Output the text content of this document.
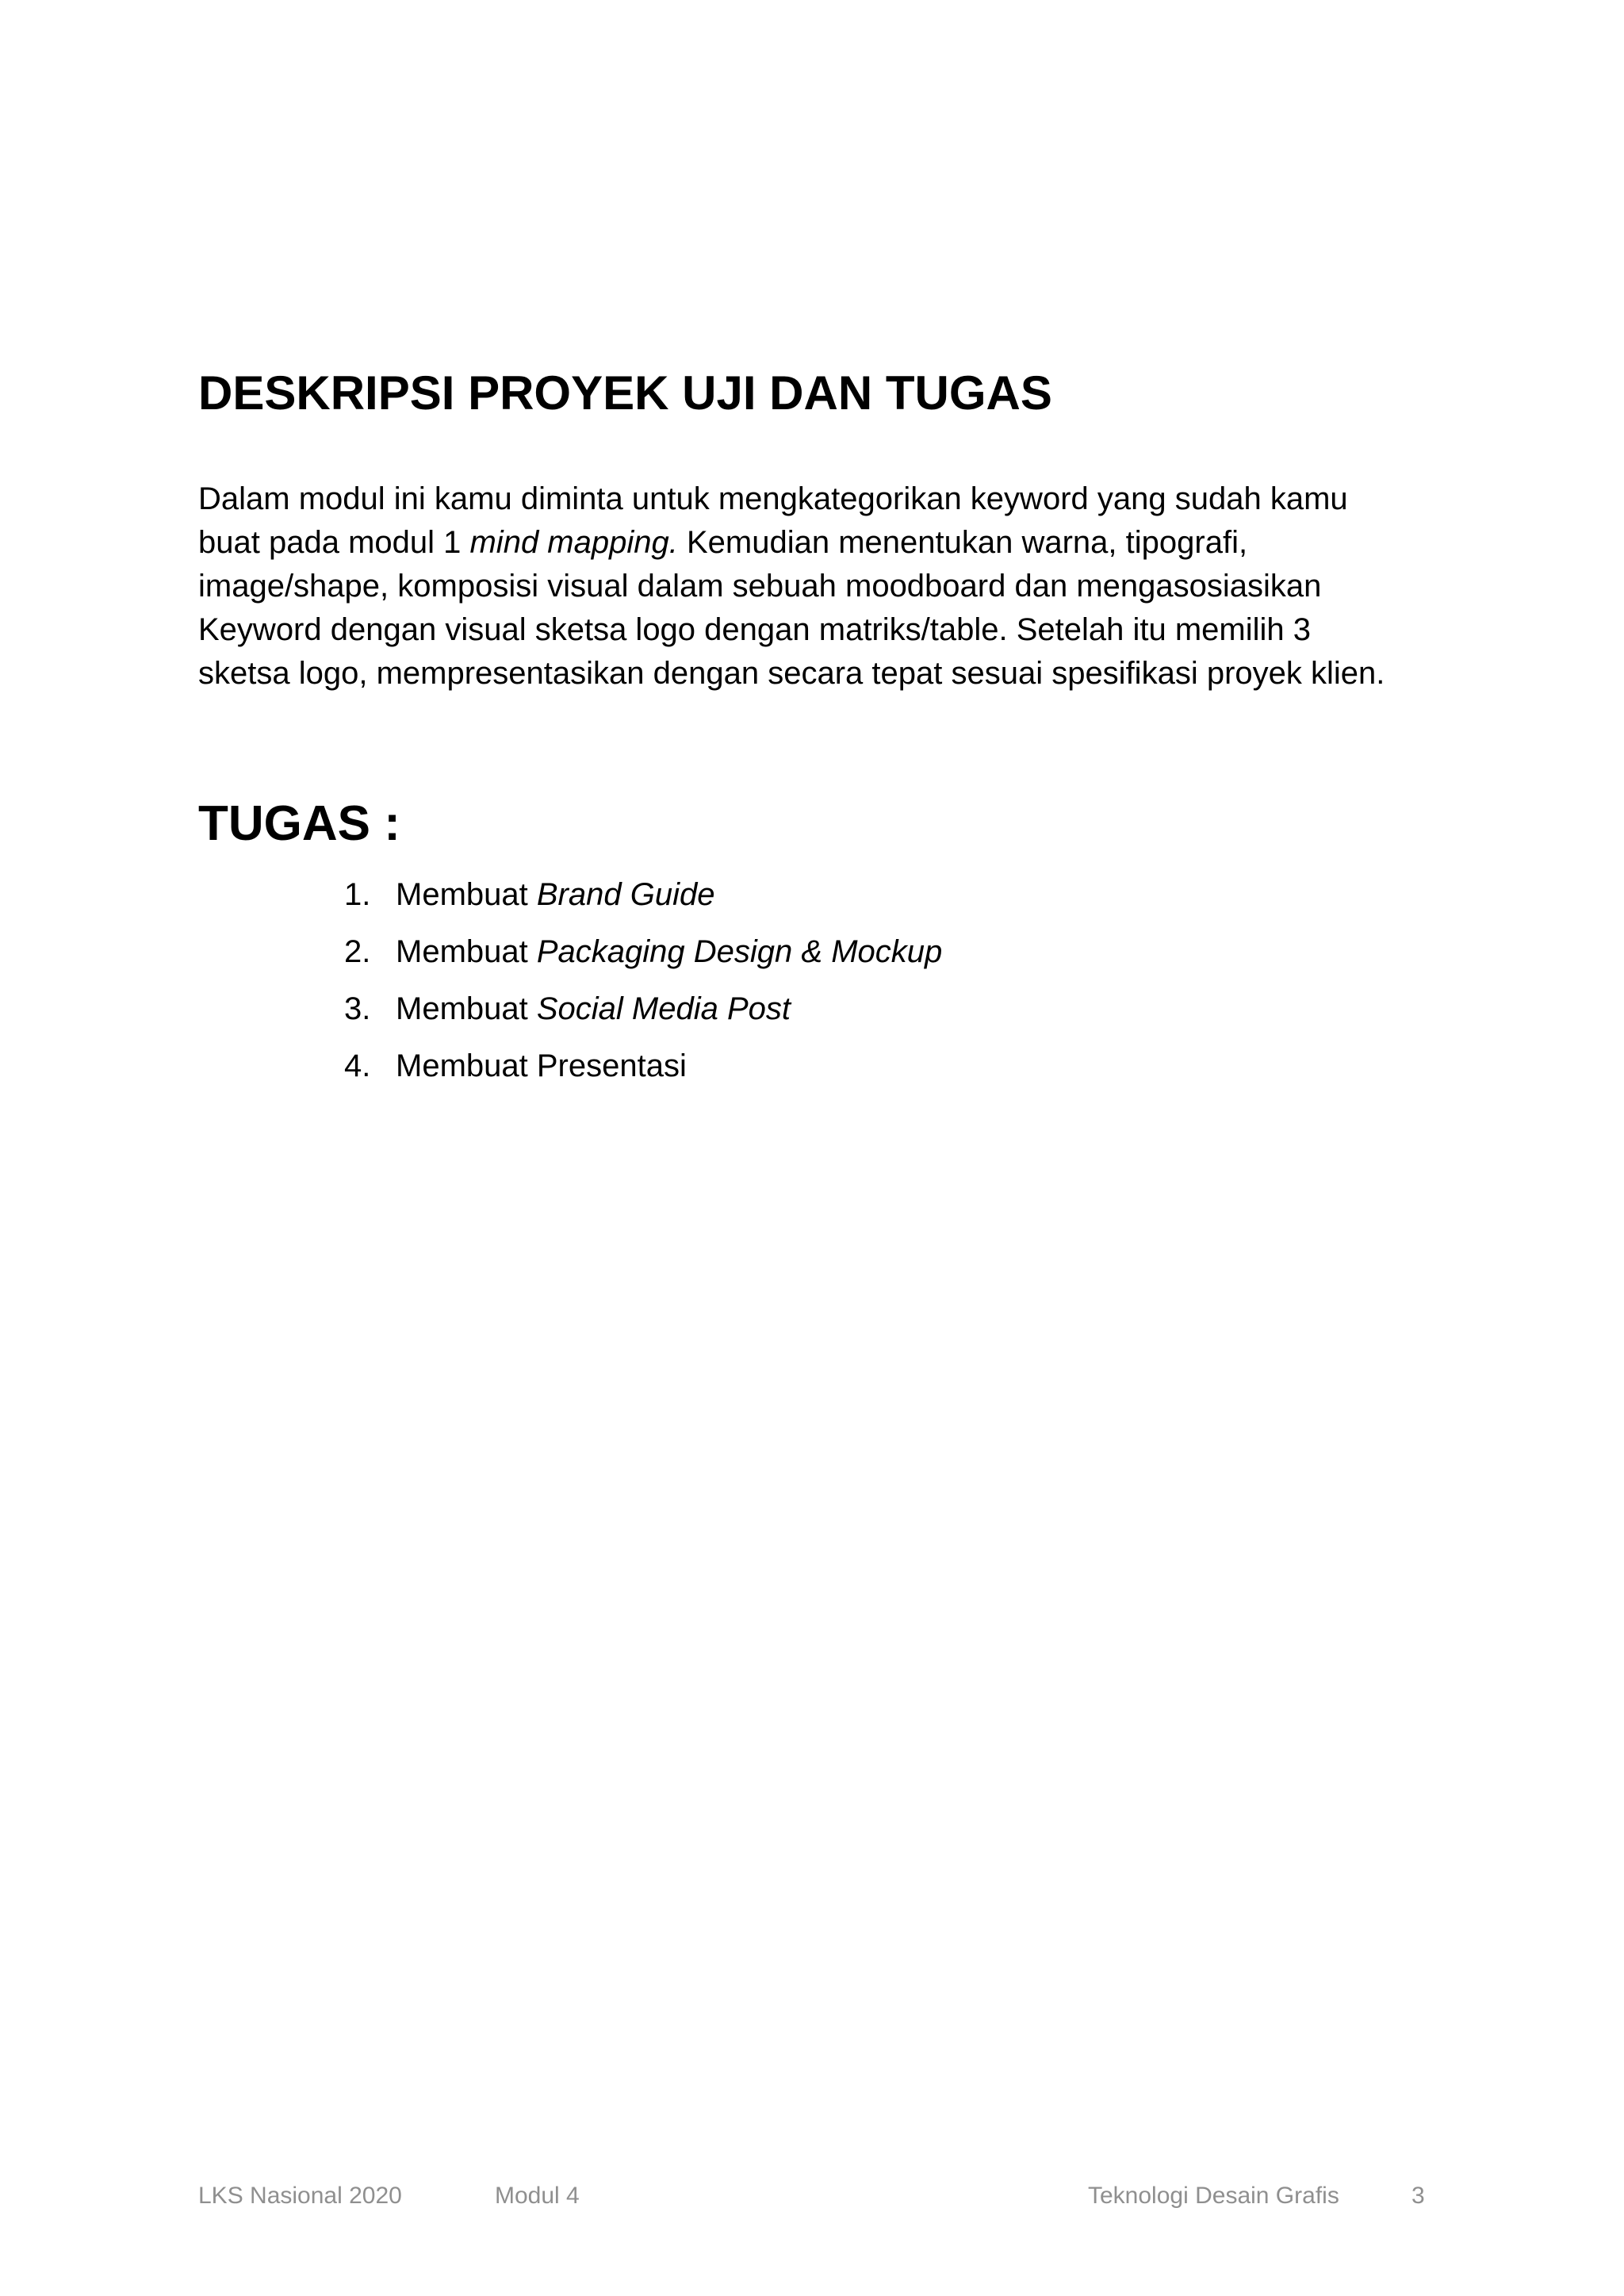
DESKRIPSI PROYEK UJI DAN TUGAS

Dalam modul ini kamu diminta untuk mengkategorikan keyword yang sudah kamu
buat pada modul 1 mind mapping. Kemudian menentukan warna, tipografi,
image/shape, komposisi visual dalam sebuah moodboard dan mengasosiasikan
Keyword dengan visual sketsa logo dengan matriks/table. Setelah itu memilih 3
sketsa logo, mempresentasikan dengan secara tepat sesuai spesifikasi proyek klien.

TUGAS :
1. Membuat Brand Guide
2. Membuat Packaging Design & Mockup
3. Membuat Social Media Post
4. Membuat Presentasi
LKS Nasional 2020	Modul 4	Teknologi Desain Grafis	3
